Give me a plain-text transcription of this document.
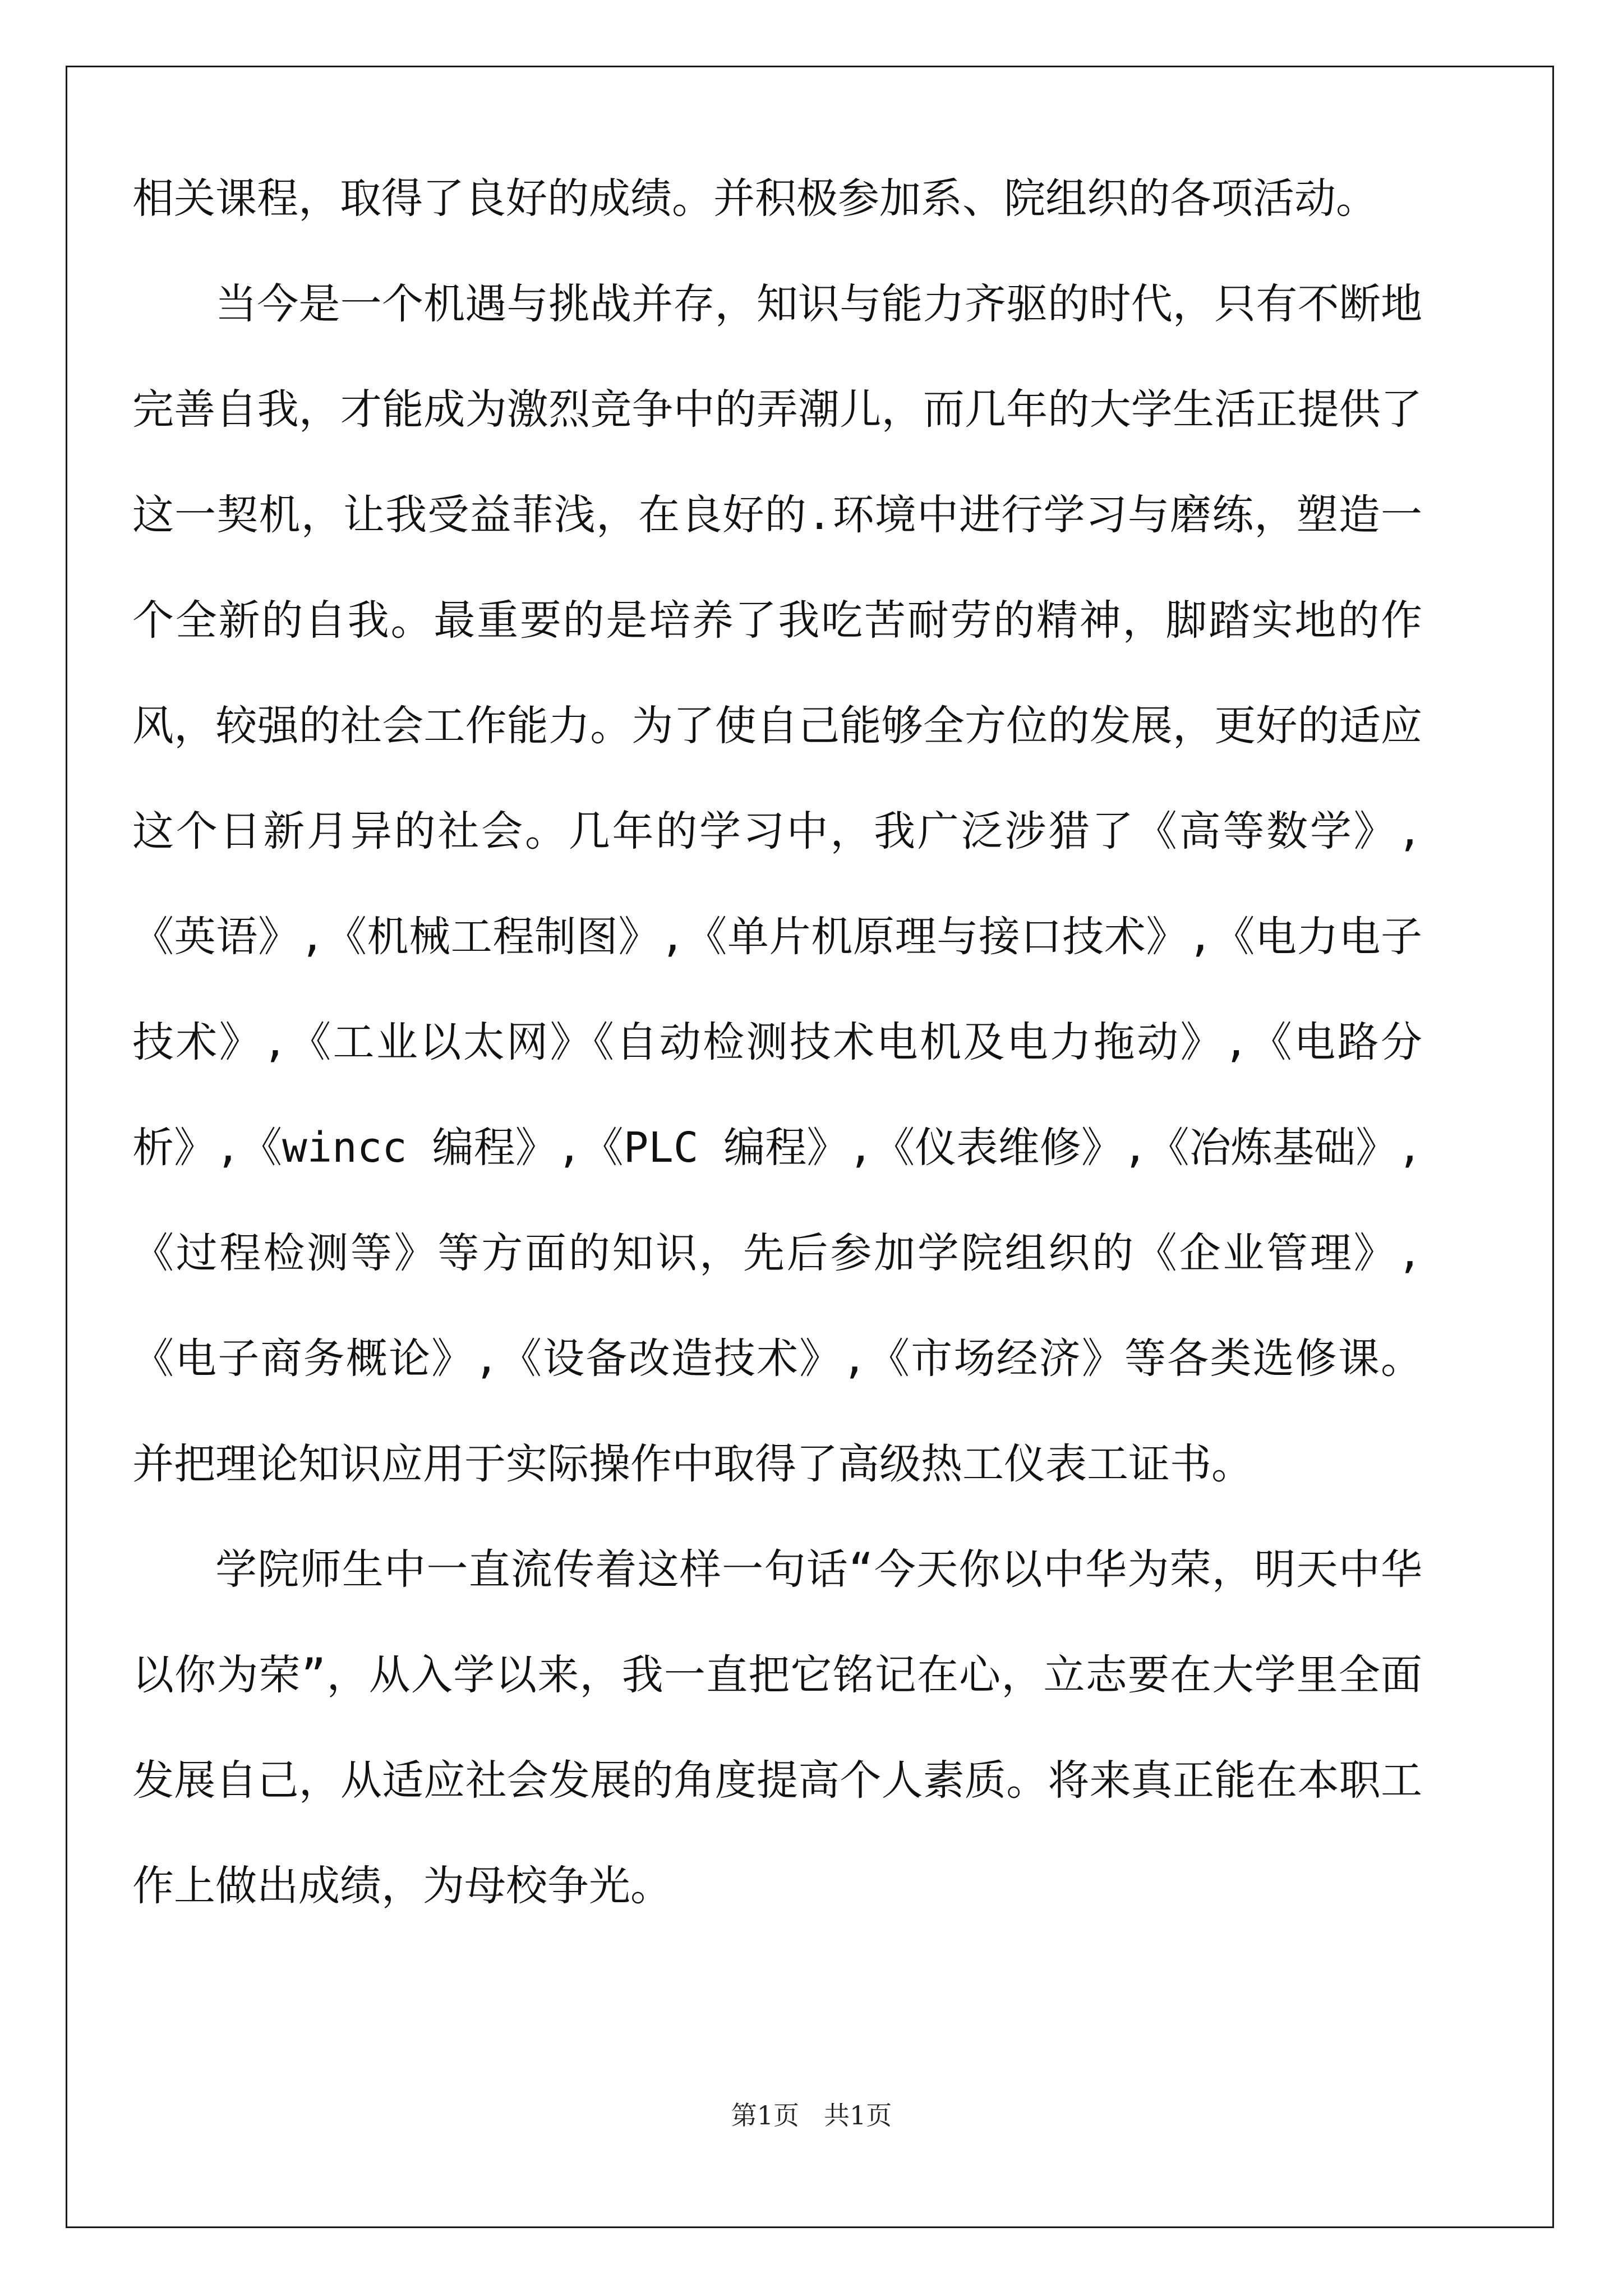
相关课程，取得了良好的成绩。并积极参加系、院组织的各项活动。

当今是一个机遇与挑战并存，知识与能力齐驱的时代，只有不断地完善自我，才能成为激烈竞争中的弄潮儿，而几年的大学生活正提供了这一契机，让我受益菲浅，在良好的.环境中进行学习与磨练，塑造一个全新的自我。最重要的是培养了我吃苦耐劳的精神，脚踏实地的作风，较强的社会工作能力。为了使自己能够全方位的发展，更好的适应这个日新月异的社会。几年的学习中，我广泛涉猎了《高等数学》,《英语》,《机械工程制图》,《单片机原理与接口技术》,《电力电子技术》,《工业以太网》《自动检测技术电机及电力拖动》,《电路分析》,《wincc 编程》,《PLC 编程》,《仪表维修》,《冶炼基础》,《过程检测等》等方面的知识，先后参加学院组织的《企业管理》,《电子商务概论》,《设备改造技术》,《市场经济》等各类选修课。并把理论知识应用于实际操作中取得了高级热工仪表工证书。

学院师生中一直流传着这样一句话“今天你以中华为荣，明天中华以你为荣”，从入学以来，我一直把它铭记在心，立志要在大学里全面发展自己，从适应社会发展的角度提高个人素质。将来真正能在本职工作上做出成绩，为母校争光。

第1页 共1页
